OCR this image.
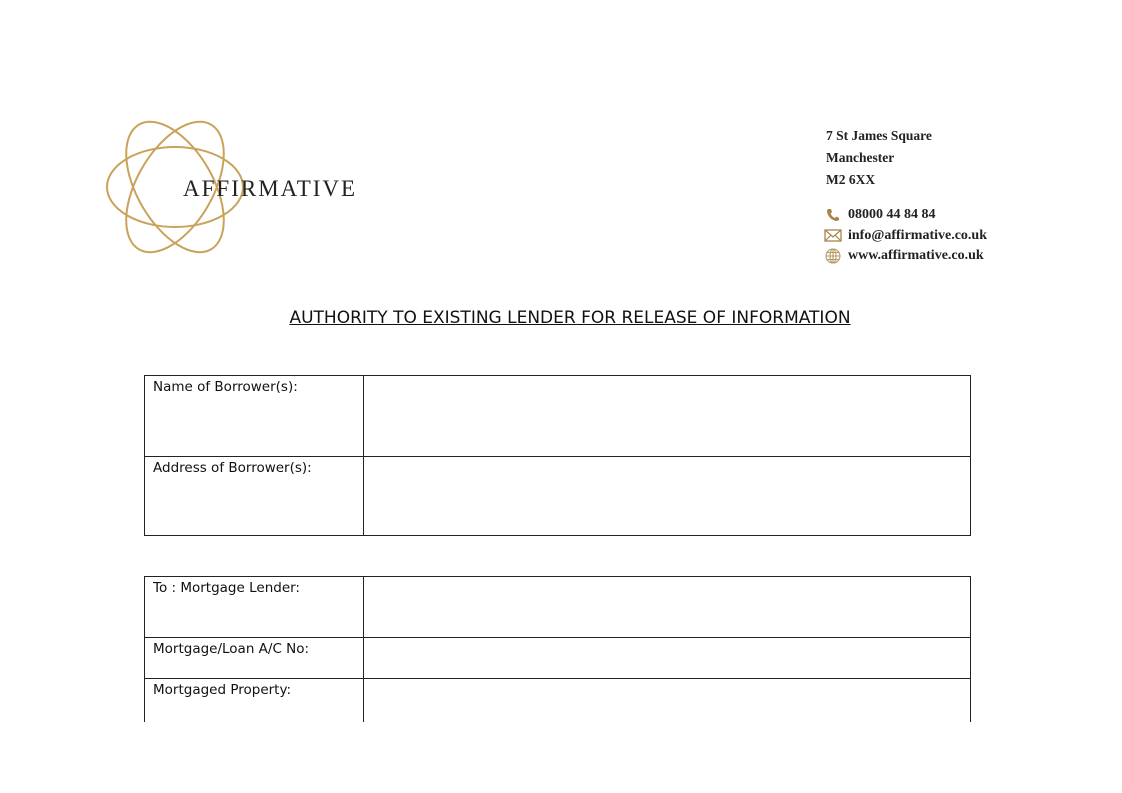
AFFIRMATIVE
7 St James Square
Manchester
M2 6XX
08000 44 84 84
info@affirmative.co.uk
www.affirmative.co.uk
AUTHORITY TO EXISTING LENDER FOR RELEASE OF INFORMATION
Name of Borrower(s):	
Address of Borrower(s):	
To : Mortgage Lender:	
Mortgage/Loan A/C No:	
Mortgaged Property:	
